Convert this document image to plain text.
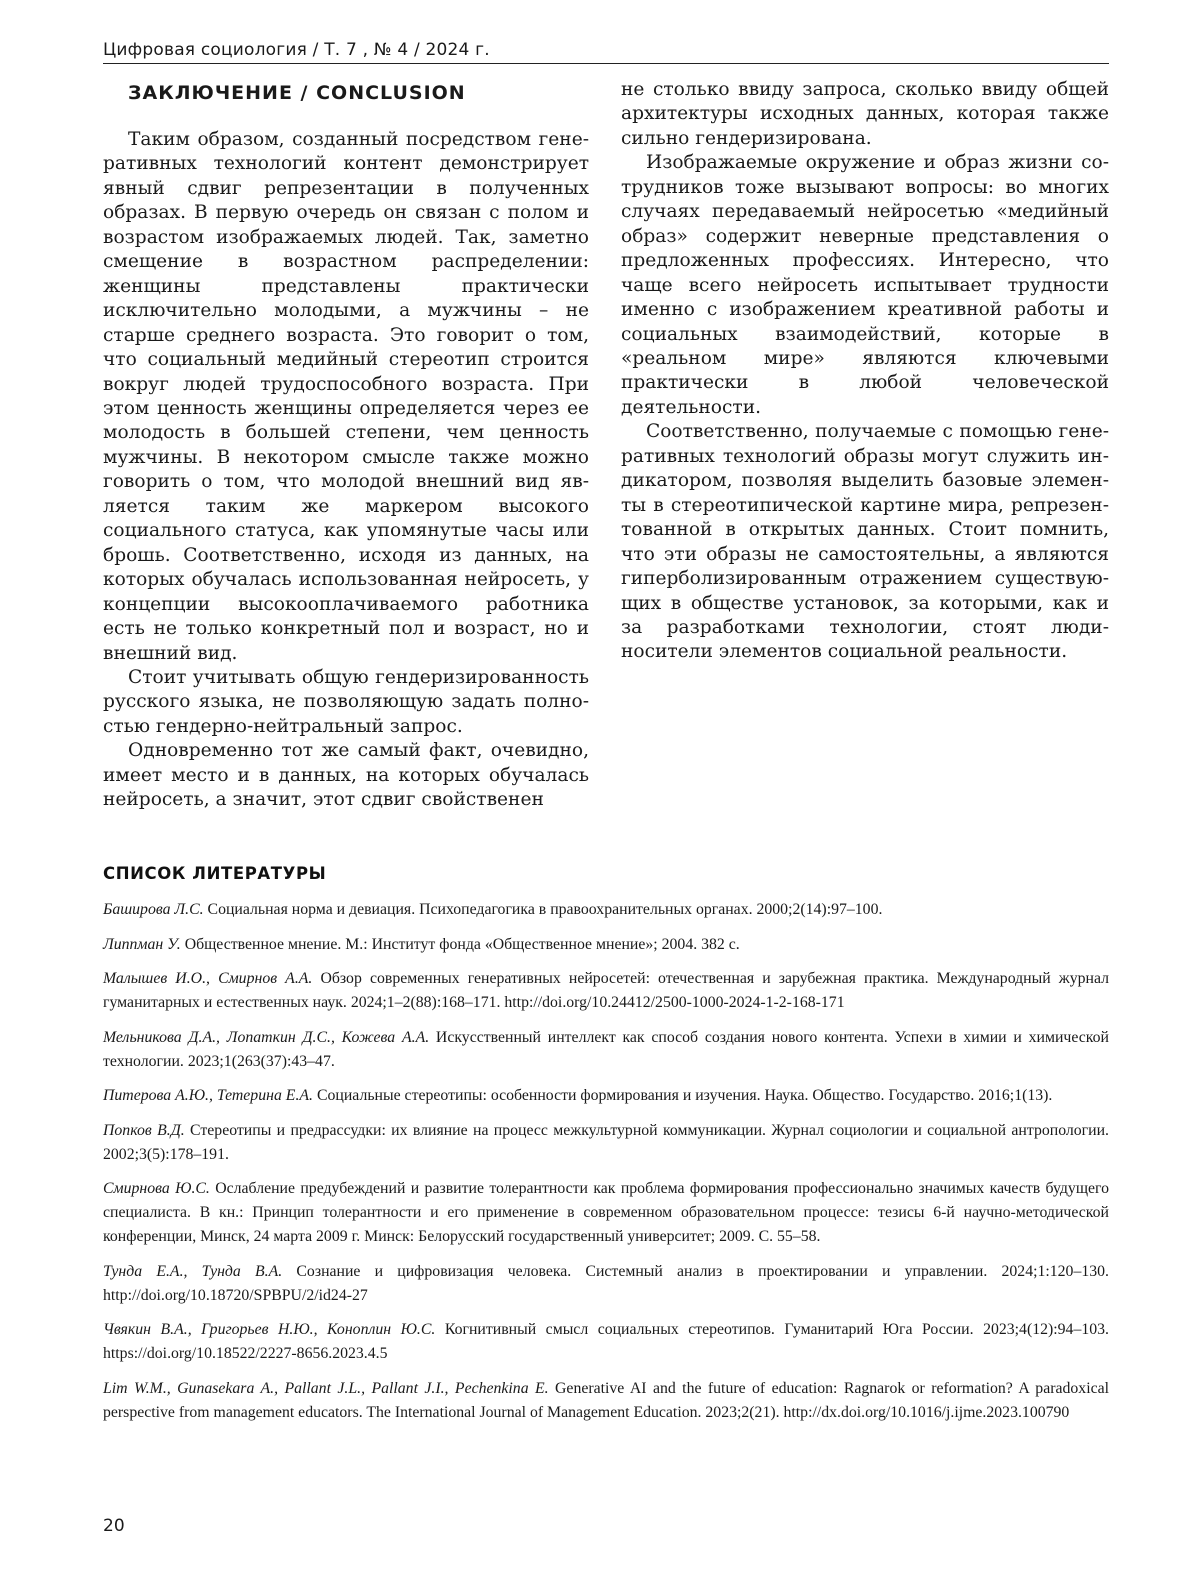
Цифровая социология / Т. 7 , № 4 / 2024 г.
ЗАКЛЮЧЕНИЕ / CONCLUSION

Таким образом, созданный посредством генеративных технологий контент демонстрирует явный сдвиг репрезентации в полученных образах. В первую очередь он связан с полом и возрастом изображаемых людей. Так, заметно смещение в возрастном распределении: женщины представлены практически исключительно молодыми, а мужчины – не старше среднего возраста. Это говорит о том, что социальный медийный стереотип строится вокруг людей трудоспособного возраста. При этом ценность женщины определяется через ее молодость в большей степени, чем ценность мужчины. В некотором смысле также можно говорить о том, что молодой внешний вид является таким же маркером высокого социального статуса, как упомянутые часы или брошь. Соответственно, исходя из данных, на которых обучалась использованная нейросеть, у концепции высокооплачиваемого работника есть не только конкретный пол и возраст, но и внешний вид.

Стоит учитывать общую гендеризированность русского языка, не позволяющую задать полностью гендерно-нейтральный запрос.

Одновременно тот же самый факт, очевидно, имеет место и в данных, на которых обучалась нейросеть, а значит, этот сдвиг свойственен

не столько ввиду запроса, сколько ввиду общей архитектуры исходных данных, которая также сильно гендеризирована.

Изображаемые окружение и образ жизни сотрудников тоже вызывают вопросы: во многих случаях передаваемый нейросетью «медийный образ» содержит неверные представления о предложенных профессиях. Интересно, что чаще всего нейросеть испытывает трудности именно с изображением креативной работы и социальных взаимодействий, которые в «реальном мире» являются ключевыми практически в любой человеческой деятельности.

Соответственно, получаемые с помощью генеративных технологий образы могут служить индикатором, позволяя выделить базовые элементы в стереотипической картине мира, репрезентованной в открытых данных. Стоит помнить, что эти образы не самостоятельны, а являются гиперболизированным отражением существующих в обществе установок, за которыми, как и за разработками технологии, стоят люди-носители элементов социальной реальности.

СПИСОК ЛИТЕРАТУРЫ

Баширова Л.С. Социальная норма и девиация. Психопедагогика в правоохранительных органах. 2000;2(14):97–100.

Липпман У. Общественное мнение. М.: Институт фонда «Общественное мнение»; 2004. 382 с.

Малышев И.О., Смирнов А.А. Обзор современных генеративных нейросетей: отечественная и зарубежная практика. Международный журнал гуманитарных и естественных наук. 2024;1–2(88):168–171. http://doi.org/10.24412/2500-1000-2024-1-2-168-171

Мельникова Д.А., Лопаткин Д.С., Кожева А.А. Искусственный интеллект как способ создания нового контента. Успехи в химии и химической технологии. 2023;1(263(37):43–47.

Питерова А.Ю., Тетерина Е.А. Социальные стереотипы: особенности формирования и изучения. Наука. Общество. Государство. 2016;1(13).

Попков В.Д. Стереотипы и предрассудки: их влияние на процесс межкультурной коммуникации. Журнал социологии и социальной антропологии. 2002;3(5):178–191.

Смирнова Ю.С. Ослабление предубеждений и развитие толерантности как проблема формирования профессионально значимых качеств будущего специалиста. В кн.: Принцип толерантности и его применение в современном образовательном процессе: тезисы 6-й научно-методической конференции, Минск, 24 марта 2009 г. Минск: Белорусский государственный университет; 2009. С. 55–58.

Тунда Е.А., Тунда В.А. Сознание и цифровизация человека. Системный анализ в проектировании и управлении. 2024;1:120–130. http://doi.org/10.18720/SPBPU/2/id24-27

Чвякин В.А., Григорьев Н.Ю., Коноплин Ю.С. Когнитивный смысл социальных стереотипов. Гуманитарий Юга России. 2023;4(12):94–103. https://doi.org/10.18522/2227-8656.2023.4.5

Lim W.M., Gunasekara A., Pallant J.L., Pallant J.I., Pechenkina E. Generative AI and the future of education: Ragnarok or reformation? A paradoxical perspective from management educators. The International Journal of Management Education. 2023;2(21). http://dx.doi.org/10.1016/j.ijme.2023.100790

20
